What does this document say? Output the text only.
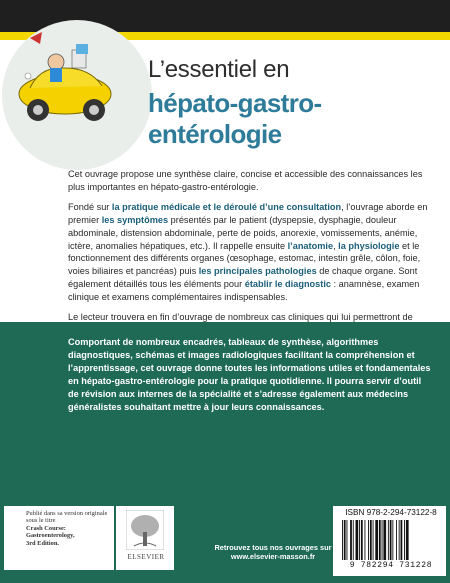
L’essentiel en
hépato-gastro-entérologie

Cet ouvrage propose une synthèse claire, concise et accessible des connaissances les plus importantes en hépato-gastro-entérologie.

Fondé sur la pratique médicale et le déroulé d’une consultation, l’ouvrage aborde en premier les symptômes présentés par le patient (dyspepsie, dysphagie, douleur abdominale, distension abdominale, perte de poids, anorexie, vomissements, anémie, ictère, anomalies hépatiques, etc.). Il rappelle ensuite l’anatomie, la physiologie et le fonctionnement des différents organes (œsophage, estomac, intestin grêle, côlon, foie, voies biliaires et pancréas) puis les principales pathologies de chaque organe. Sont également détaillés tous les éléments pour établir le diagnostic : anamnèse, examen clinique et examens complémentaires indispensables.

Le lecteur trouvera en fin d’ouvrage de nombreux cas cliniques qui lui permettront de

Comportant de nombreux encadrés, tableaux de synthèse, algorithmes diagnostiques, schémas et images radiologiques facilitant la compréhension et l’apprentissage, cet ouvrage donne toutes les informations utiles et fondamentales en hépato-gastro-entérologie pour la pratique quotidienne. Il pourra servir d’outil de révision aux internes de la spécialité et s’adresse également aux médecins généralistes souhaitant mettre à jour leurs connaissances.
Publié dans sa version originale
sous le titre
Crash Course:
Gastroenterology,
3rd Edition.
ELSEVIER
Retrouvez tous nos ouvrages sur
www.elsevier-masson.fr
ISBN 978-2-294-73122-8
9 782294 731228
